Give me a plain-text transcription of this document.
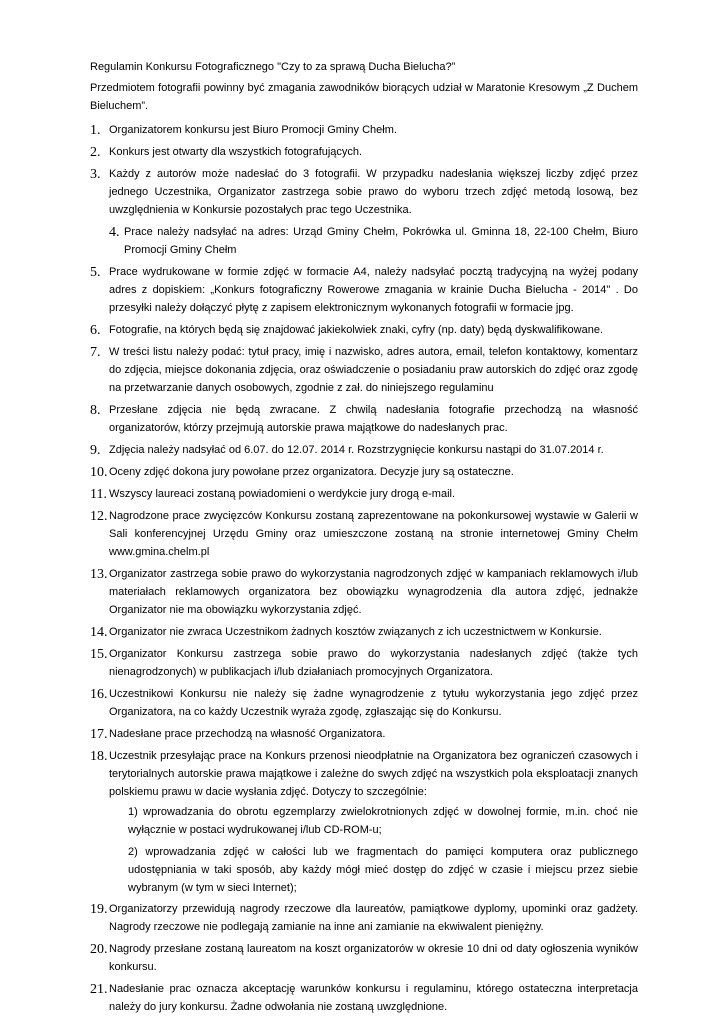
Regulamin Konkursu Fotograficznego "Czy to za sprawą Ducha Bielucha?”

Przedmiotem fotografii powinny być zmagania zawodników biorących udział w Maratonie Kresowym „Z Duchem Bieluchem”.

1. Organizatorem konkursu jest Biuro Promocji Gminy Chełm.
2. Konkurs jest otwarty dla wszystkich fotografujących.
3. Każdy z autorów może nadesłać do 3 fotografii. W przypadku nadesłania większej liczby zdjęć przez jednego Uczestnika, Organizator zastrzega sobie prawo do wyboru trzech zdjęć metodą losową, bez uwzględnienia w Konkursie pozostałych prac tego Uczestnika.
4. Prace należy nadsyłać na adres: Urząd Gminy Chełm, Pokrówka ul. Gminna 18, 22-100 Chełm, Biuro Promocji Gminy Chełm
5. Prace wydrukowane w formie zdjęć w formacie A4, należy nadsyłać pocztą tradycyjną na wyżej podany adres z dopiskiem: „Konkurs fotograficzny Rowerowe zmagania w krainie Ducha Bielucha - 2014" . Do przesyłki należy dołączyć płytę z zapisem elektronicznym wykonanych fotografii w formacie jpg.
6. Fotografie, na których będą się znajdować jakiekolwiek znaki, cyfry (np. daty) będą dyskwalifikowane.
7. W treści listu należy podać: tytuł pracy, imię i nazwisko, adres autora, email, telefon kontaktowy, komentarz do zdjęcia, miejsce dokonania zdjęcia, oraz oświadczenie o posiadaniu praw autorskich do zdjęć oraz zgodę na przetwarzanie danych osobowych, zgodnie z zał. do niniejszego regulaminu
8. Przesłane zdjęcia nie będą zwracane. Z chwilą nadesłania fotografie przechodzą na własność organizatorów, którzy przejmują autorskie prawa majątkowe do nadesłanych prac.
9. Zdjęcia należy nadsyłać od 6.07. do 12.07. 2014 r. Rozstrzygnięcie konkursu nastąpi do 31.07.2014 r.
10. Oceny zdjęć dokona jury powołane przez organizatora. Decyzje jury są ostateczne.
11. Wszyscy laureaci zostaną powiadomieni o werdykcie jury drogą e-mail.
12. Nagrodzone prace zwycięzców Konkursu zostaną zaprezentowane na pokonkursowej wystawie w Galerii w Sali konferencyjnej Urzędu Gminy oraz umieszczone zostaną na stronie internetowej Gminy Chełm www.gmina.chelm.pl
13. Organizator zastrzega sobie prawo do wykorzystania nagrodzonych zdjęć w kampaniach reklamowych i/lub materiałach reklamowych organizatora bez obowiązku wynagrodzenia dla autora zdjęć, jednakże Organizator nie ma obowiązku wykorzystania zdjęć.
14. Organizator nie zwraca Uczestnikom żadnych kosztów związanych z ich uczestnictwem w Konkursie.
15. Organizator Konkursu zastrzega sobie prawo do wykorzystania nadesłanych zdjęć (także tych nienagrodzonych) w publikacjach i/lub działaniach promocyjnych Organizatora.
16. Uczestnikowi Konkursu nie należy się żadne wynagrodzenie z tytułu wykorzystania jego zdjęć przez Organizatora, na co każdy Uczestnik wyraża zgodę, zgłaszając się do Konkursu.
17. Nadesłane prace przechodzą na własność Organizatora.
18. Uczestnik przesyłając prace na Konkurs przenosi nieodpłatnie na Organizatora bez ograniczeń czasowych i terytorialnych autorskie prawa majątkowe i zależne do swych zdjęć na wszystkich pola eksploatacji znanych polskiemu prawu w dacie wysłania zdjęć. Dotyczy to szczególnie:

1) wprowadzania do obrotu egzemplarzy zwielokrotnionych zdjęć w dowolnej formie, m.in. choć nie wyłącznie w postaci wydrukowanej i/lub CD-ROM-u;

2) wprowadzania zdjęć w całości lub we fragmentach do pamięci komputera oraz publicznego udostępniania w taki sposób, aby każdy mógł mieć dostęp do zdjęć w czasie i miejscu przez siebie wybranym (w tym w sieci Internet);

19. Organizatorzy przewidują nagrody rzeczowe dla laureatów, pamiątkowe dyplomy, upominki oraz gadżety. Nagrody rzeczowe nie podlegają zamianie na inne ani zamianie na ekwiwalent pieniężny.
20. Nagrody przesłane zostaną laureatom na koszt organizatorów w okresie 10 dni od daty ogłoszenia wyników konkursu.
21. Nadesłanie prac oznacza akceptację warunków konkursu i regulaminu, którego ostateczna interpretacja należy do jury konkursu. Żadne odwołania nie zostaną uwzględnione.
